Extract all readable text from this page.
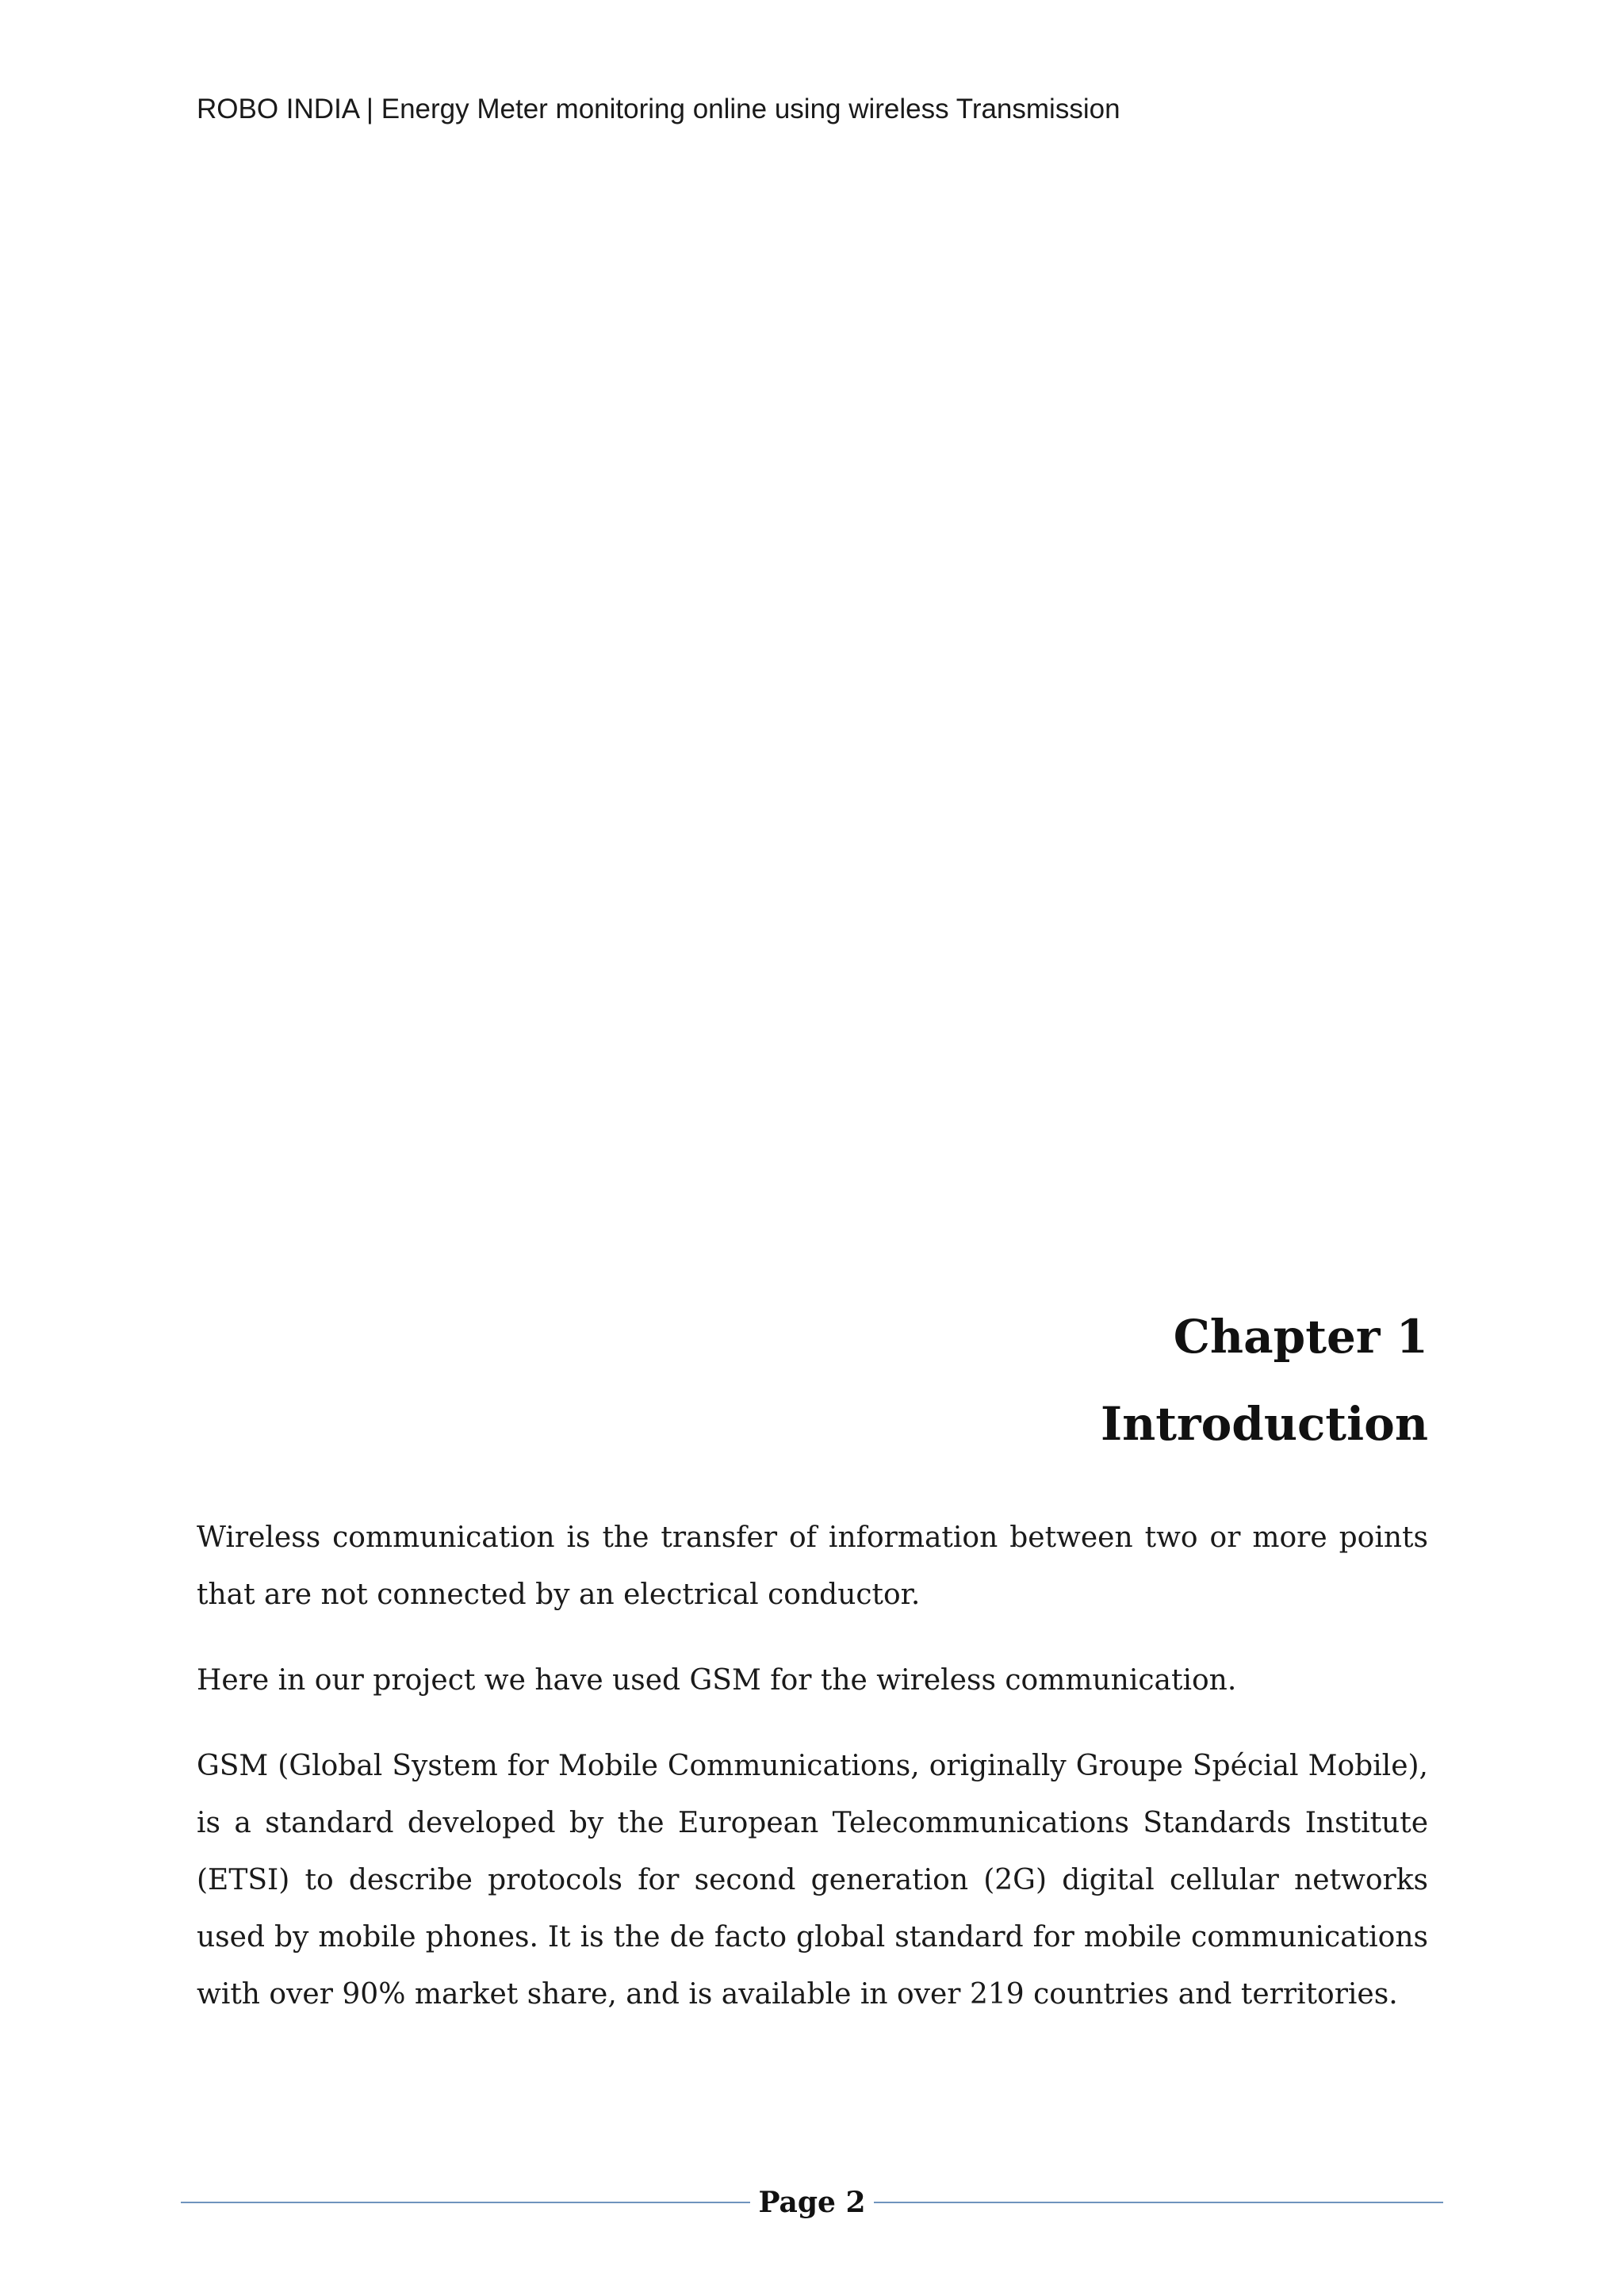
ROBO INDIA | Energy Meter monitoring online using wireless Transmission
Chapter 1
Introduction

Wireless communication is the transfer of information between two or more points that are not connected by an electrical conductor.

Here in our project we have used GSM for the wireless communication.

GSM (Global System for Mobile Communications, originally Groupe Spécial Mobile), is a standard developed by the European Telecommunications Standards Institute (ETSI) to describe protocols for second generation (2G) digital cellular networks used by mobile phones. It is the de facto global standard for mobile communications with over 90% market share, and is available in over 219 countries and territories.

Page 2
